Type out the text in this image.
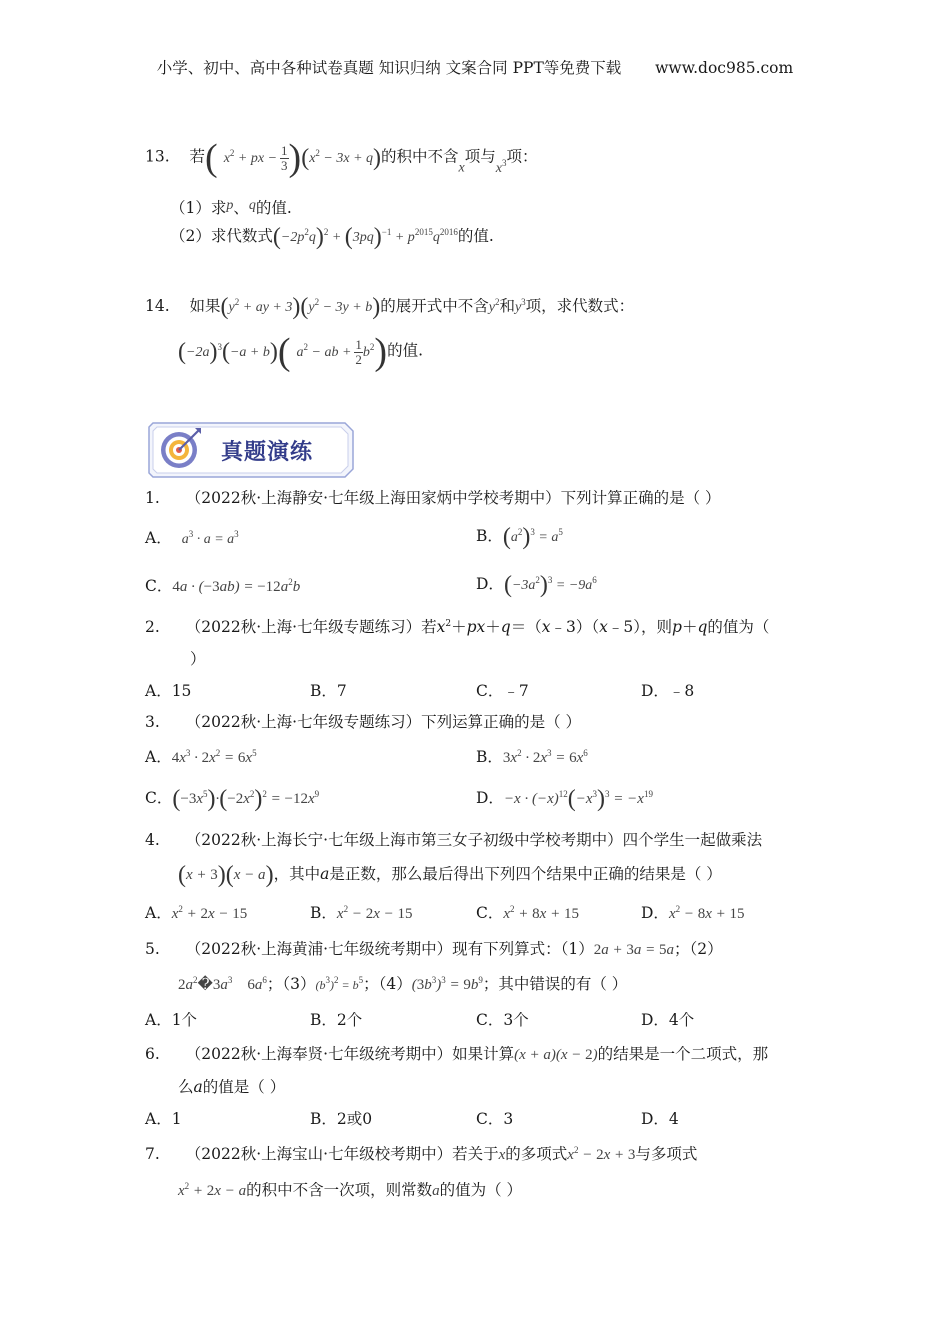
小学、初中、高中各种试卷真题 知识归纳 文案合同 PPT等免费下载 www.doc985.com
13. 若( $x^2$ + px − $\frac{1}{3} )(x^2 - 3x + q)$的积中不含x项与$x^3$项：
（1）求p、q的值.
（2）求代数式$(-2p^2q)^2 + (3pq)^{-1} + p^{2015}q^{2016}$的值.
14. 如果($y^2$ + ay + $3)(y^2 - 3y + b)$的展开式中不含$y^2$和$y^3$项，求代数式：
$(-2a)^3(-a + b)$( $a^2$ − ab + $\frac{1}{2} b^2$)的值.
真题演练
1. （2022秋·上海静安·七年级上海田家炳中学校考期中）下列计算正确的是（ ）
A． $a^3 \cdot a = a^3$	B．$(a^2)^3 = a^5$
C．$4a \cdot (-3ab) = -12a^2b$	D．$(-3a^2)^3 = -9a^6$
2. （2022秋·上海·七年级专题练习）若$x^2+px+q=(x﹣3)(x﹣5)$，则p＋q的值为（
）
A．15	B．7	C．﹣7	D．﹣8
3. （2022秋·上海·七年级专题练习）下列运算正确的是（ ）
A．$4x^3 \cdot 2x^2 = 6x^5$	B．$3x^2 \cdot 2x^3 = 6x^6$
C．$(-3x^5)\cdot(-2x^2)^2 = -12x^9$	D．$-x \cdot (-x)^{12}(-x^3)^3 = -x^{19}$
4. （2022秋·上海长宁·七年级上海市第三女子初级中学校考期中）四个学生一起做乘法
(x + 3)(x − a)，其中a是正数，那么最后得出下列四个结果中正确的结果是（ ）
A．$x^2 + 2x - 15$	B．$x^2 - 2x - 15$	C．$x^2 + 8x + 15$	D．$x^2 - 8x + 15$
5. （2022秋·上海黄浦·七年级统考期中）现有下列算式：（1）2a + 3a = 5a；（2）
$2a^2�3a^3$ $6a^6$；$(3)(b^3)^2 = b^5$；$(4)(3b^3)^3 = 9b^9$；其中错误的有（ ）
A．1个	B．2个	C．3个	D．4个
6. （2022秋·上海奉贤·七年级统考期中）如果计算(x + a)(x − 2)的结果是一个二项式，那
么a的值是（ ）
A．1	B．2或0	C．3	D．4
7. （2022秋·上海宝山·七年级校考期中）若关于x的多项式$x^2 - 2x + 3$与多项式
$x^2 + 2x - a$的积中不含一次项，则常数a的值为（ ）
